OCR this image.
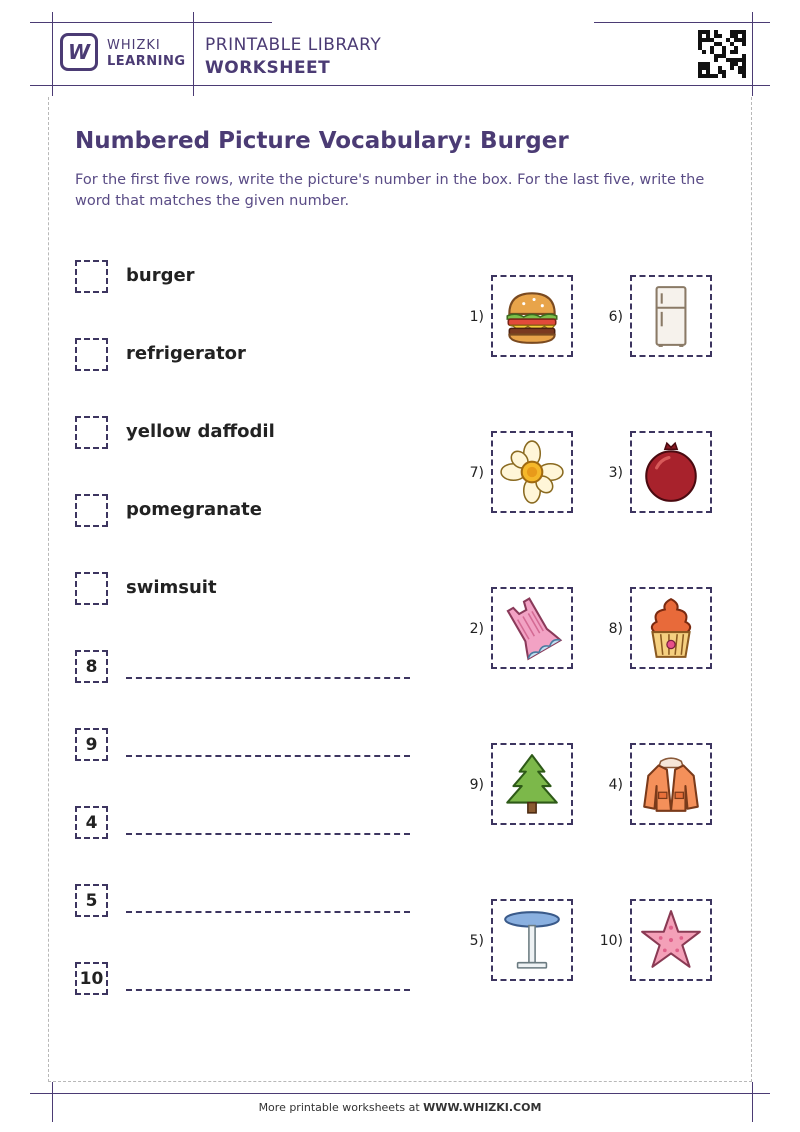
W WHIZKI
LEARNING
PRINTABLE LIBRARY
WORKSHEET
Numbered Picture Vocabulary: Burger
For the first five rows, write the picture's number in the box. For the last five, write the word that matches the given number.
burger
refrigerator
yellow daffodil
pomegranate
swimsuit
8
9
4
5
10
1)	6)
7)	3)
2)	8)
9)	4)
5)	10)
More printable worksheets at WWW.WHIZKI.COM
